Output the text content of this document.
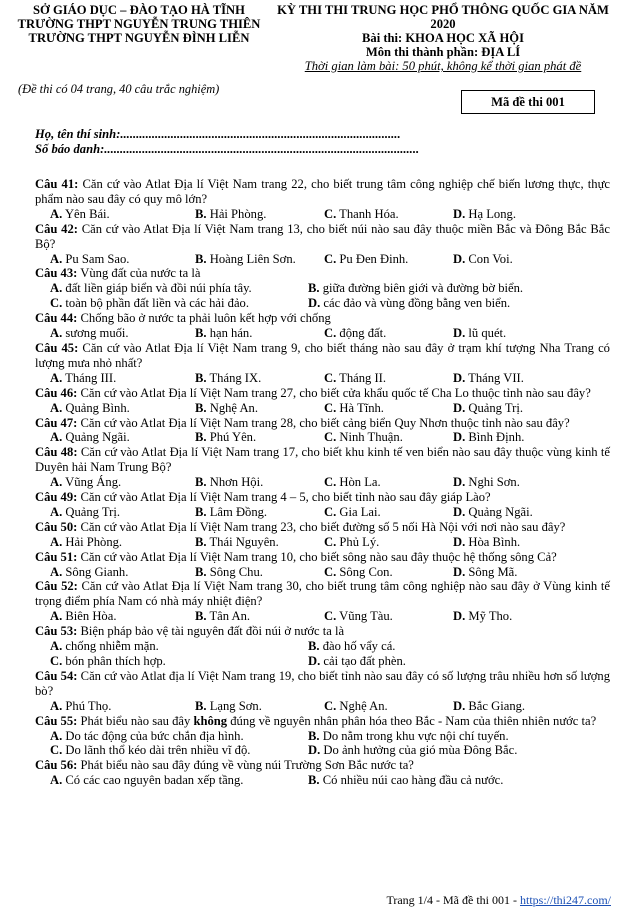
SỞ GIÁO DỤC – ĐÀO TẠO HÀ TĨNH
TRƯỜNG THPT NGUYỄN TRUNG THIÊN
TRƯỜNG THPT NGUYỄN ĐÌNH LIỄN
(Đề thi có 04 trang, 40 câu trắc nghiệm)
KỲ THI THI TRUNG HỌC PHỔ THÔNG QUỐC GIA NĂM 2020
Bài thi: KHOA HỌC XÃ HỘI
Môn thi thành phần: ĐỊA LÍ
Thời gian làm bài: 50 phút, không kể thời gian phát đề
Mã đề thi 001
Họ, tên thí sinh:.........................................................................................
Số báo danh:....................................................................................................
Câu 41: Căn cứ vào Atlat Địa lí Việt Nam trang 22, cho biết trung tâm công nghiệp chế biến lương thực, thực phẩm nào sau đây có quy mô lớn?
A. Yên Bái.	B. Hải Phòng.	C. Thanh Hóa.	D. Hạ Long.
Câu 42: Căn cứ vào Atlat Địa lí Việt Nam trang 13, cho biết núi nào sau đây thuộc miền Bắc và Đông Bắc Bắc Bộ?
A. Pu Sam Sao.	B. Hoàng Liên Sơn.	C. Pu Đen Đinh.	D. Con Voi.
Câu 43: Vùng đất của nước ta là
A. đất liền giáp biển và đồi núi phía tây.	B. giữa đường biên giới và đường bờ biển.
C. toàn bộ phần đất liền và các hải đảo.	D. các đảo và vùng đồng bằng ven biển.
Câu 44: Chống bão ở nước ta phải luôn kết hợp với chống
A. sương muối.	B. hạn hán.	C. động đất.	D. lũ quét.
Câu 45: Căn cứ vào Atlat Địa lí Việt Nam trang 9, cho biết tháng nào sau đây ở trạm khí tượng Nha Trang có lượng mưa nhỏ nhất?
A. Tháng III.	B. Tháng IX.	C. Tháng II.	D. Tháng VII.
Câu 46: Căn cứ vào Atlat Địa lí Việt Nam trang 27, cho biết cửa khẩu quốc tế Cha Lo thuộc tỉnh nào sau đây?
A. Quảng Bình.	B. Nghệ An.	C. Hà Tĩnh.	D. Quảng Trị.
Câu 47: Căn cứ vào Atlat Địa lí Việt Nam trang 28, cho biết cảng biển Quy Nhơn thuộc tỉnh nào sau đây?
A. Quảng Ngãi.	B. Phú Yên.	C. Ninh Thuận.	D. Bình Định.
Câu 48: Căn cứ vào Atlat Địa lí Việt Nam trang 17, cho biết khu kinh tế ven biển nào sau đây thuộc vùng kinh tế Duyên hải Nam Trung Bộ?
A. Vũng Áng.	B. Nhơn Hội.	C. Hòn La.	D. Nghi Sơn.
Câu 49: Căn cứ vào Atlat Địa lí Việt Nam trang 4 – 5, cho biết tỉnh nào sau đây giáp Lào?
A. Quảng Trị.	B. Lâm Đồng.	C. Gia Lai.	D. Quảng Ngãi.
Câu 50: Căn cứ vào Atlat Địa lí Việt Nam trang 23, cho biết đường số 5 nối Hà Nội với nơi nào sau đây?
A. Hải Phòng.	B. Thái Nguyên.	C. Phủ Lý.	D. Hòa Bình.
Câu 51: Căn cứ vào Atlat Địa lí Việt Nam trang 10, cho biết sông nào sau đây thuộc hệ thống sông Cả?
A. Sông Gianh.	B. Sông Chu.	C. Sông Con.	D. Sông Mã.
Câu 52: Căn cứ vào Atlat Địa lí Việt Nam trang 30, cho biết trung tâm công nghiệp nào sau đây ở Vùng kinh tế trọng điểm phía Nam có nhà máy nhiệt điện?
A. Biên Hòa.	B. Tân An.	C. Vũng Tàu.	D. Mỹ Tho.
Câu 53: Biện pháp bảo vệ tài nguyên đất đồi núi ở nước ta là
A. chống nhiễm mặn.	B. đào hố vẩy cá.
C. bón phân thích hợp.	D. cải tạo đất phèn.
Câu 54: Căn cứ vào Atlat địa lí Việt Nam trang 19, cho biết tỉnh nào sau đây có số lượng trâu nhiều hơn số lượng bò?
A. Phú Thọ.	B. Lạng Sơn.	C. Nghệ An.	D. Bắc Giang.
Câu 55: Phát biểu nào sau đây không đúng về nguyên nhân phân hóa theo Bắc - Nam của thiên nhiên nước ta?
A. Do tác động của bức chắn địa hình.	B. Do nằm trong khu vực nội chí tuyến.
C. Do lãnh thổ kéo dài trên nhiều vĩ độ.	D. Do ảnh hưởng của gió mùa Đông Bắc.
Câu 56: Phát biểu nào sau đây đúng về vùng núi Trường Sơn Bắc nước ta?
A. Có các cao nguyên badan xếp tầng.	B. Có nhiều núi cao hàng đầu cả nước.
Trang 1/4 - Mã đề thi 001 - https://thi247.com/
